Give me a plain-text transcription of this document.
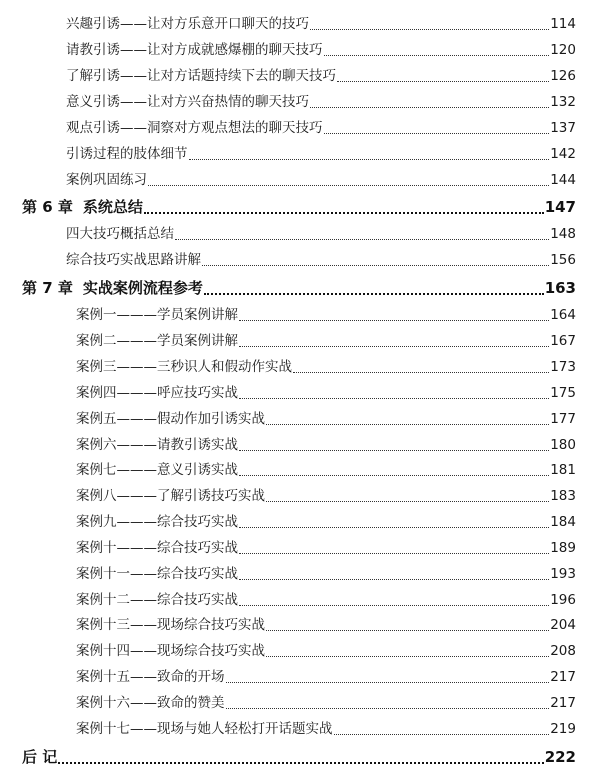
兴趣引诱——让对方乐意开口聊天的技巧	114
请教引诱——让对方成就感爆棚的聊天技巧	120
了解引诱——让对方话题持续下去的聊天技巧	126
意义引诱——让对方兴奋热情的聊天技巧	132
观点引诱——洞察对方观点想法的聊天技巧	137
引诱过程的肢体细节	142
案例巩固练习	144
第 6 章 系统总结	147
四大技巧概括总结	148
综合技巧实战思路讲解	156
第 7 章 实战案例流程参考	163
案例一———学员案例讲解	164
案例二———学员案例讲解	167
案例三———三秒识人和假动作实战	173
案例四———呼应技巧实战	175
案例五———假动作加引诱实战	177
案例六———请教引诱实战	180
案例七———意义引诱实战	181
案例八———了解引诱技巧实战	183
案例九———综合技巧实战	184
案例十———综合技巧实战	189
案例十一——综合技巧实战	193
案例十二——综合技巧实战	196
案例十三——现场综合技巧实战	204
案例十四——现场综合技巧实战	208
案例十五——致命的开场	217
案例十六——致命的赞美	217
案例十七——现场与她人轻松打开话题实战	219
后 记	222
